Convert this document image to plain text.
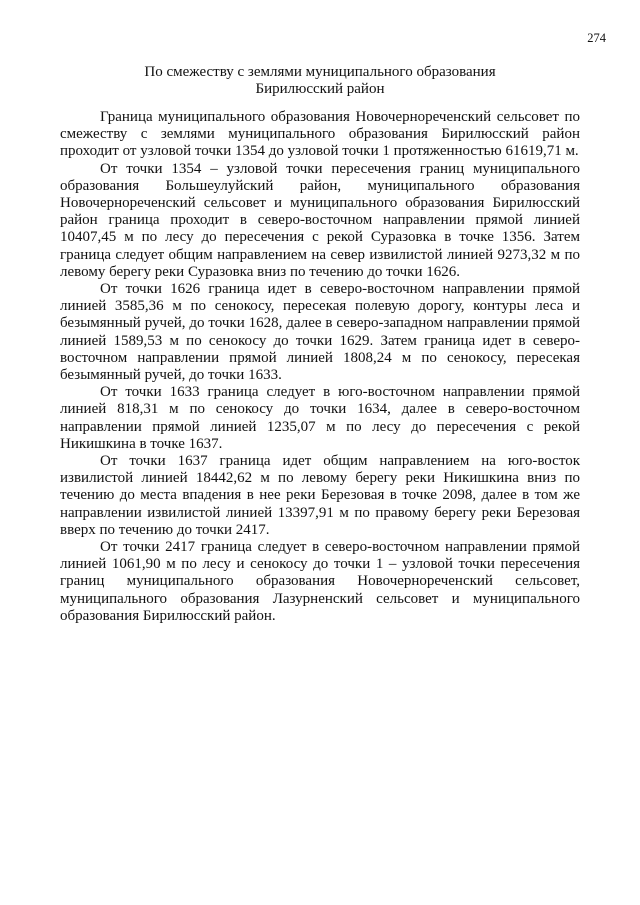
274
По смежеству с землями муниципального образования
Бирилюсский район

Граница муниципального образования Новочернореченский сельсовет по смежеству с землями муниципального образования Бирилюсский район проходит от узловой точки 1354 до узловой точки 1 протяженностью 61619,71 м.

От точки 1354 – узловой точки пересечения границ муниципального образования Большеулуйский район, муниципального образования Новочернореченский сельсовет и муниципального образования Бирилюсский район граница проходит в северо-восточном направлении прямой линией 10407,45 м по лесу до пересечения с рекой Суразовка в точке 1356. Затем граница следует общим направлением на север извилистой линией 9273,32 м по левому берегу реки Суразовка вниз по течению до точки 1626.

От точки 1626 граница идет в северо-восточном направлении прямой линией 3585,36 м по сенокосу, пересекая полевую дорогу, контуры леса и безымянный ручей, до точки 1628, далее в северо-западном направлении прямой линией 1589,53 м по сенокосу до точки 1629. Затем граница идет в северо-восточном направлении прямой линией 1808,24 м по сенокосу, пересекая безымянный ручей, до точки 1633.

От точки 1633 граница следует в юго-восточном направлении прямой линией 818,31 м по сенокосу до точки 1634, далее в северо-восточном направлении прямой линией 1235,07 м по лесу до пересечения с рекой Никишкина в точке 1637.

От точки 1637 граница идет общим направлением на юго-восток извилистой линией 18442,62 м по левому берегу реки Никишкина вниз по течению до места впадения в нее реки Березовая в точке 2098, далее в том же направлении извилистой линией 13397,91 м по правому берегу реки Березовая вверх по течению до точки 2417.

От точки 2417 граница следует в северо-восточном направлении прямой линией 1061,90 м по лесу и сенокосу до точки 1 – узловой точки пересечения границ муниципального образования Новочернореченский сельсовет, муниципального образования Лазурненский сельсовет и муниципального образования Бирилюсский район.
